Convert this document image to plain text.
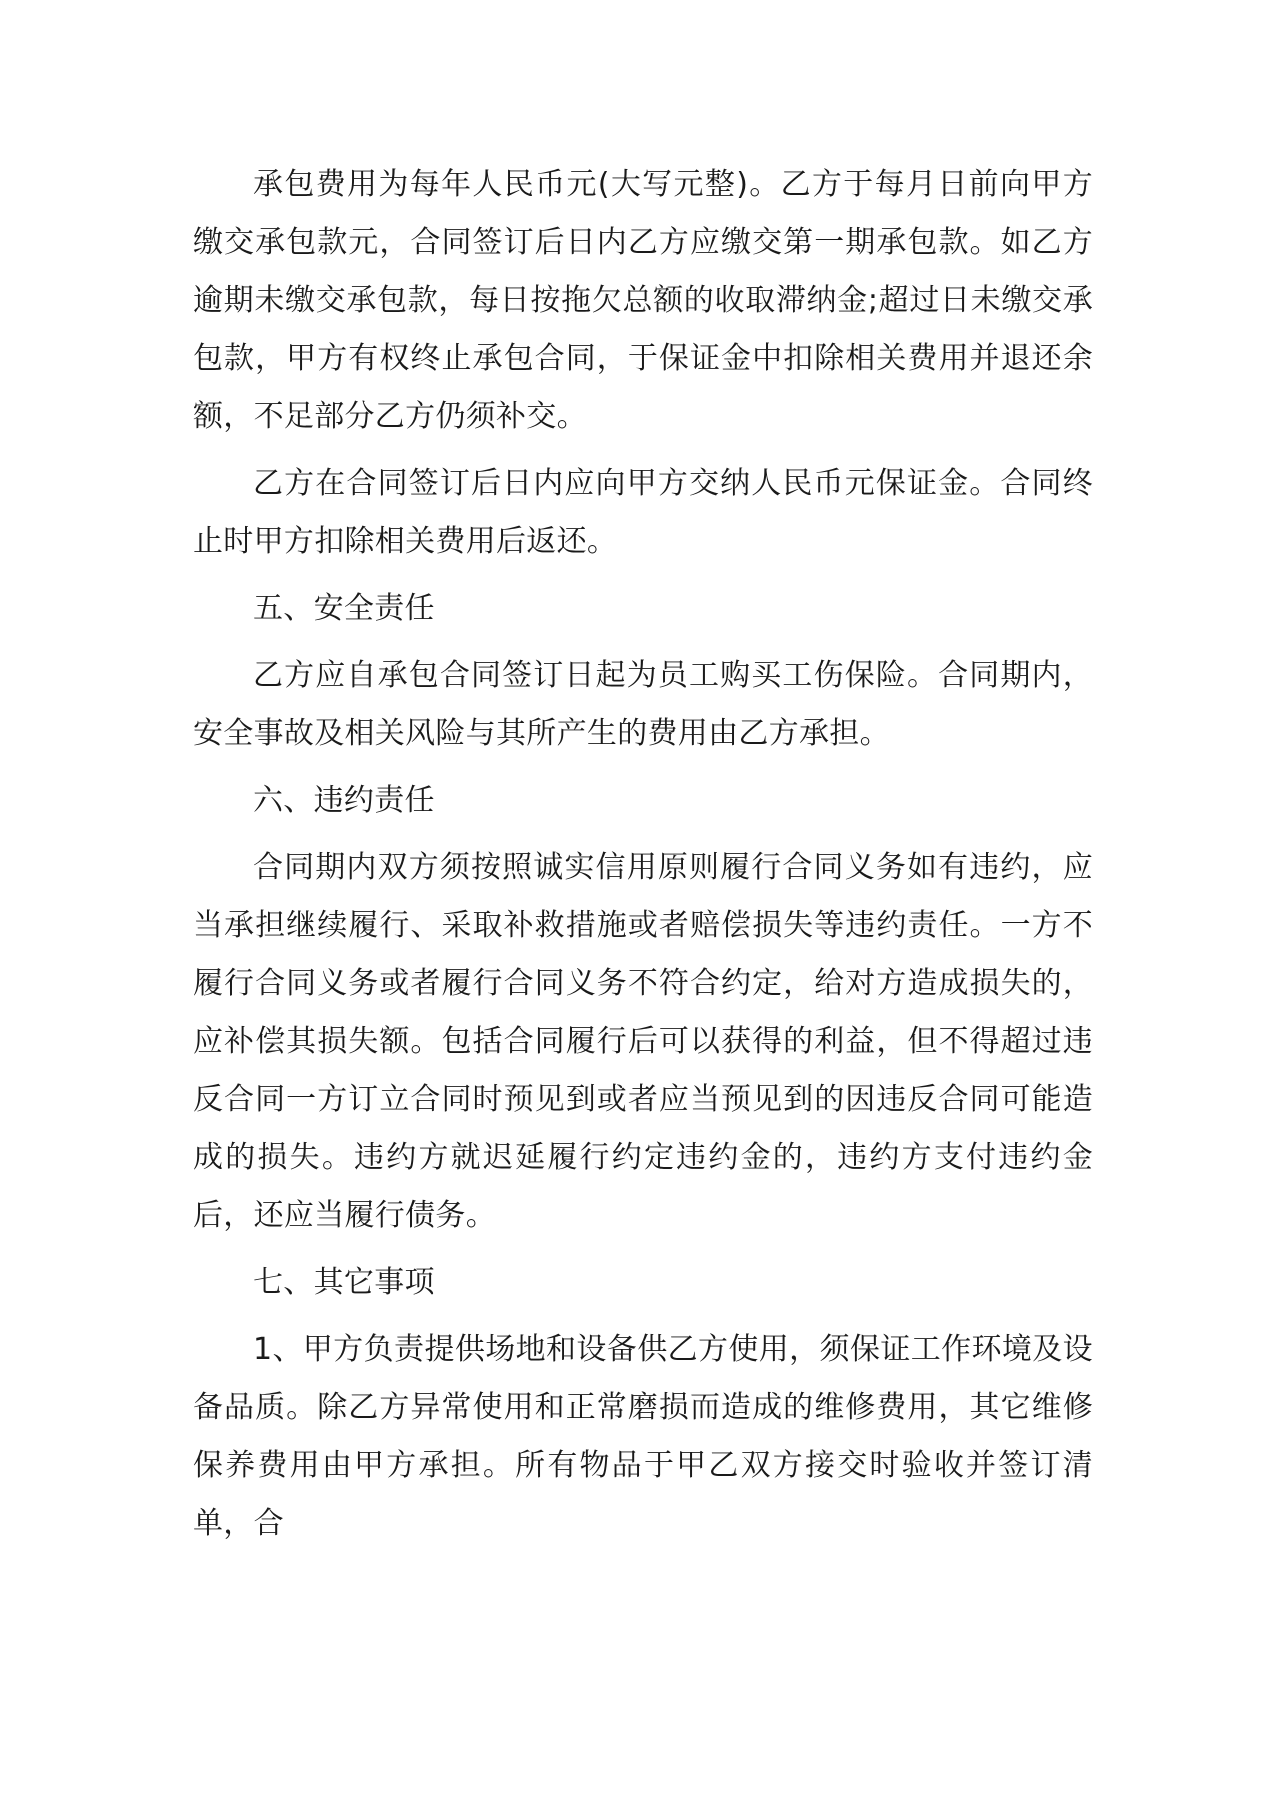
承包费用为每年人民币元(大写元整)。乙方于每月日前向甲方缴交承包款元，合同签订后日内乙方应缴交第一期承包款。如乙方逾期未缴交承包款，每日按拖欠总额的收取滞纳金;超过日未缴交承包款，甲方有权终止承包合同，于保证金中扣除相关费用并退还余额，不足部分乙方仍须补交。

乙方在合同签订后日内应向甲方交纳人民币元保证金。合同终止时甲方扣除相关费用后返还。

五、安全责任

乙方应自承包合同签订日起为员工购买工伤保险。合同期内，安全事故及相关风险与其所产生的费用由乙方承担。

六、违约责任

合同期内双方须按照诚实信用原则履行合同义务如有违约，应当承担继续履行、采取补救措施或者赔偿损失等违约责任。一方不履行合同义务或者履行合同义务不符合约定，给对方造成损失的，应补偿其损失额。包括合同履行后可以获得的利益，但不得超过违反合同一方订立合同时预见到或者应当预见到的因违反合同可能造成的损失。违约方就迟延履行约定违约金的，违约方支付违约金后，还应当履行债务。

七、其它事项

1、甲方负责提供场地和设备供乙方使用，须保证工作环境及设备品质。除乙方异常使用和正常磨损而造成的维修费用，其它维修保养费用由甲方承担。所有物品于甲乙双方接交时验收并签订清单，合
